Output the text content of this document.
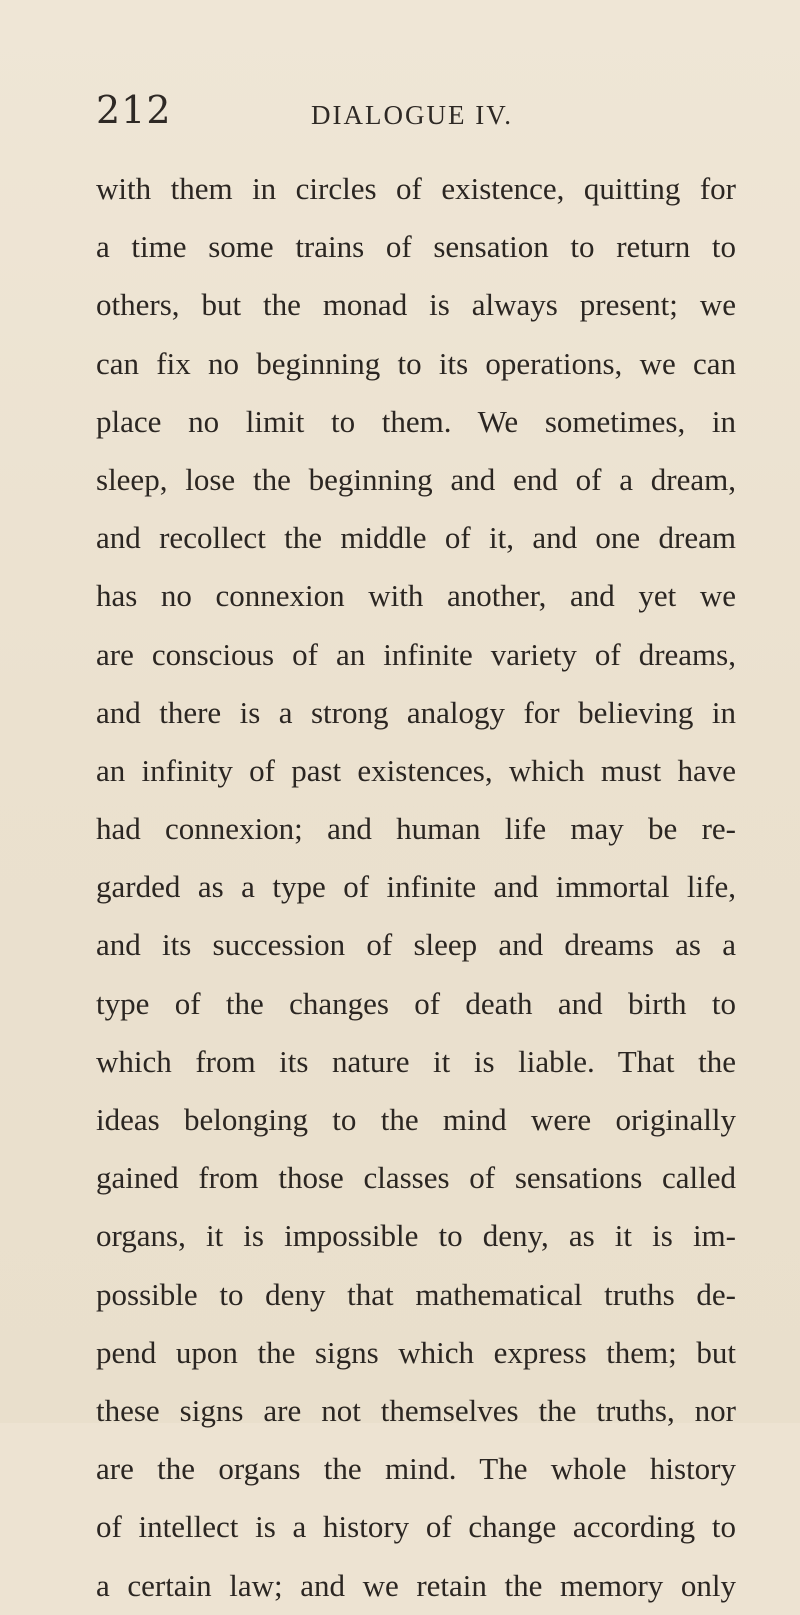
212	DIALOGUE IV.
with them in circles of existence, quitting for
a time some trains of sensation to return to
others, but the monad is always present; we
can fix no beginning to its operations, we can
place no limit to them. We sometimes, in
sleep, lose the beginning and end of a dream,
and recollect the middle of it, and one dream
has no connexion with another, and yet we
are conscious of an infinite variety of dreams,
and there is a strong analogy for believing in
an infinity of past existences, which must have
had connexion; and human life may be re-
garded as a type of infinite and immortal life,
and its succession of sleep and dreams as a
type of the changes of death and birth to
which from its nature it is liable. That the
ideas belonging to the mind were originally
gained from those classes of sensations called
organs, it is impossible to deny, as it is im-
possible to deny that mathematical truths de-
pend upon the signs which express them; but
these signs are not themselves the truths, nor
are the organs the mind. The whole history
of intellect is a history of change according to
a certain law; and we retain the memory only
